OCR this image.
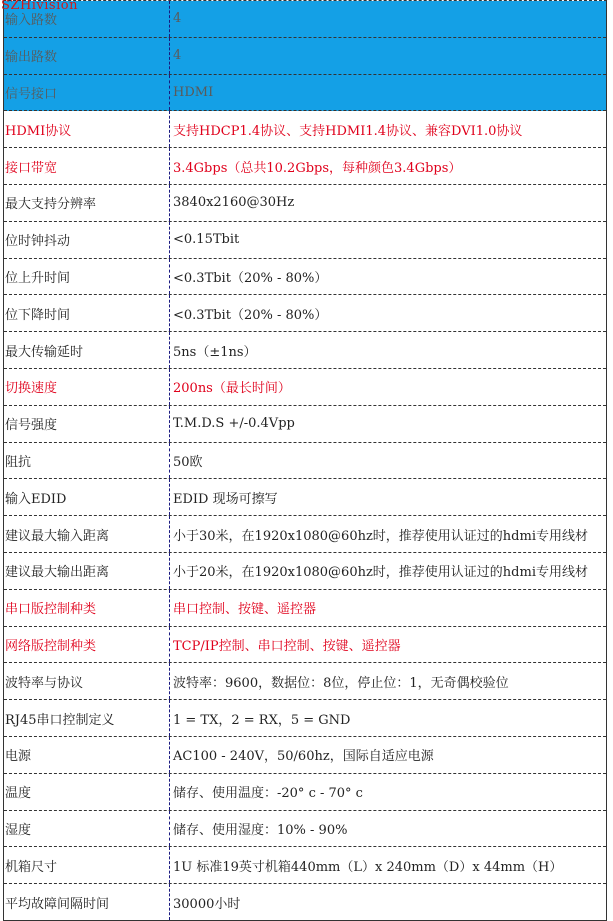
SZHivision
输入路数	4
输出路数	4
信号接口	HDMI
HDMI协议	支持HDCP1.4协议、支持HDMI1.4协议、兼容DVI1.0协议
接口带宽	3.4Gbps（总共10.2Gbps，每种颜色3.4Gbps）
最大支持分辨率	3840x2160@30Hz
位时钟抖动	<0.15Tbit
位上升时间	<0.3Tbit（20% - 80%）
位下降时间	<0.3Tbit（20% - 80%）
最大传输延时	5ns（±1ns）
切换速度	200ns（最长时间）
信号强度	T.M.D.S +/-0.4Vpp
阻抗	50欧
输入EDID	EDID 现场可擦写
建议最大输入距离	小于30米，在1920x1080@60hz时，推荐使用认证过的hdmi专用线材
建议最大输出距离	小于20米，在1920x1080@60hz时，推荐使用认证过的hdmi专用线材
串口版控制种类	串口控制、按键、遥控器
网络版控制种类	TCP/IP控制、串口控制、按键、遥控器
波特率与协议	波特率：9600，数据位：8位，停止位：1，无奇偶校验位
RJ45串口控制定义	1 = TX，2 = RX，5 = GND
电源	AC100 - 240V，50/60hz，国际自适应电源
温度	储存、使用温度：-20° c - 70° c
湿度	储存、使用湿度：10% - 90%
机箱尺寸	1U 标准19英寸机箱440mm（L）x 240mm（D）x 44mm（H）
平均故障间隔时间	30000小时
